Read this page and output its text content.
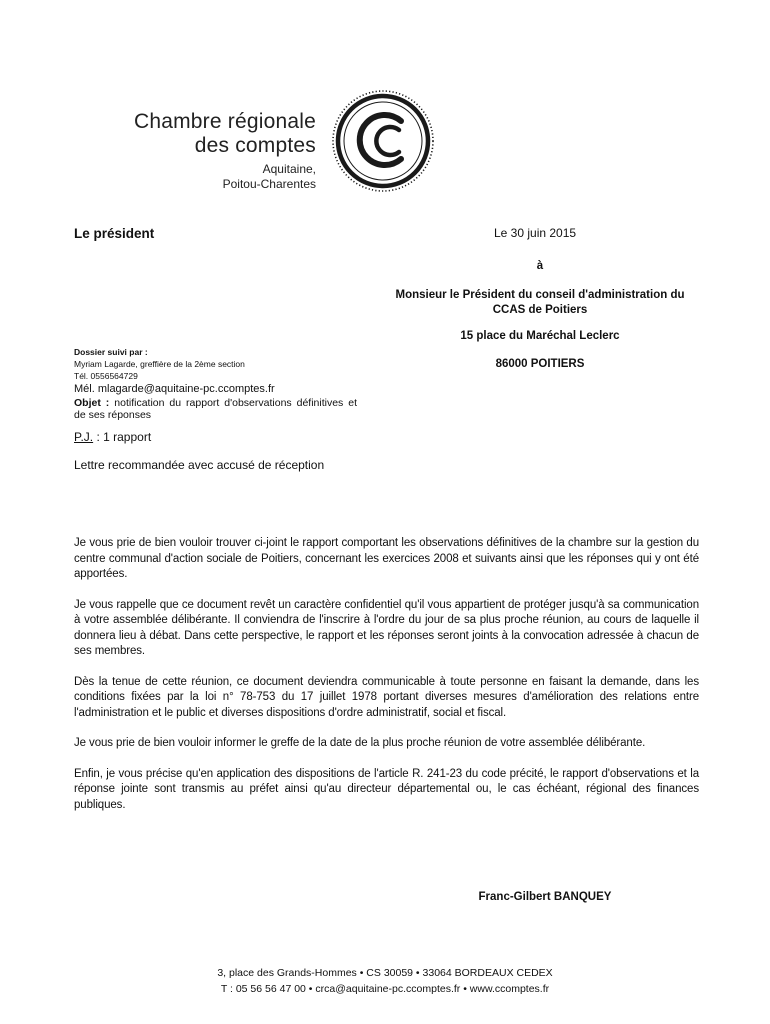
Chambre régionale
des comptes
Aquitaine,
Poitou-Charentes
Le président	Le 30 juin 2015
à
Monsieur le Président du conseil d'administration du
CCAS de Poitiers
15 place du Maréchal Leclerc
86000 POITIERS
Dossier suivi par :
Myriam Lagarde, greffière de la 2ème section
Tél. 0556564729
Mél. mlagarde@aquitaine-pc.ccomptes.fr
Objet : notification du rapport d'observations définitives et de ses réponses
P.J. : 1 rapport
Lettre recommandée avec accusé de réception

Je vous prie de bien vouloir trouver ci-joint le rapport comportant les observations définitives de la chambre sur la gestion du centre communal d'action sociale de Poitiers, concernant les exercices 2008 et suivants ainsi que les réponses qui y ont été apportées.

Je vous rappelle que ce document revêt un caractère confidentiel qu'il vous appartient de protéger jusqu'à sa communication à votre assemblée délibérante. Il conviendra de l'inscrire à l'ordre du jour de sa plus proche réunion, au cours de laquelle il donnera lieu à débat. Dans cette perspective, le rapport et les réponses seront joints à la convocation adressée à chacun de ses membres.

Dès la tenue de cette réunion, ce document deviendra communicable à toute personne en faisant la demande, dans les conditions fixées par la loi n° 78-753 du 17 juillet 1978 portant diverses mesures d'amélioration des relations entre l'administration et le public et diverses dispositions d'ordre administratif, social et fiscal.

Je vous prie de bien vouloir informer le greffe de la date de la plus proche réunion de votre assemblée délibérante.

Enfin, je vous précise qu'en application des dispositions de l'article R. 241-23 du code précité, le rapport d'observations et la réponse jointe sont transmis au préfet ainsi qu'au directeur départemental ou, le cas échéant, régional des finances publiques.

Franc-Gilbert BANQUEY
3, place des Grands-Hommes • CS 30059 • 33064 BORDEAUX CEDEX
T : 05 56 56 47 00 • crca@aquitaine-pc.ccomptes.fr • www.ccomptes.fr
